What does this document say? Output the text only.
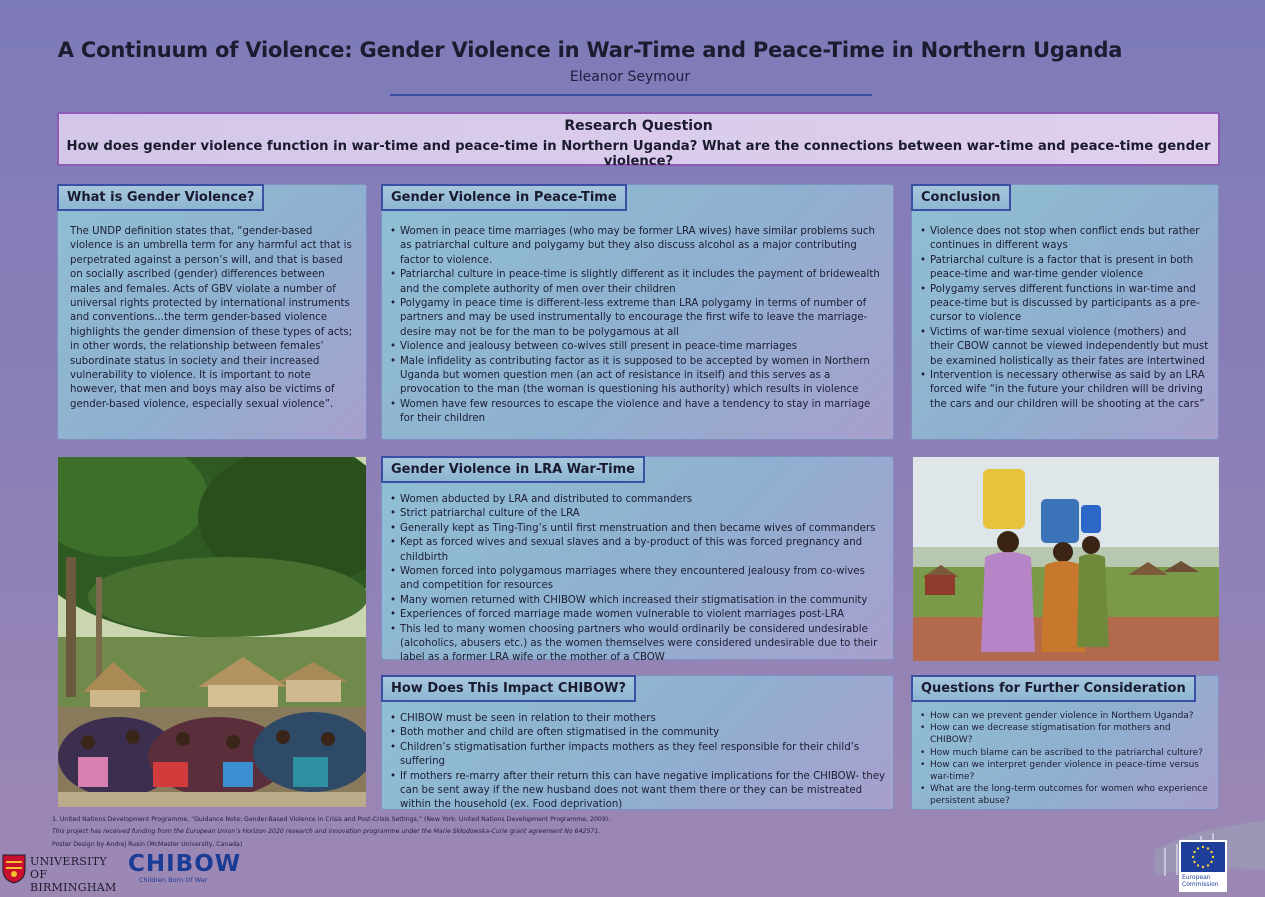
A Continuum of Violence: Gender Violence in War-Time and Peace-Time in Northern Uganda
Eleanor Seymour
Research Question
How does gender violence function in war-time and peace-time in Northern Uganda? What are the connections between war-time and peace-time gender violence?
What is Gender Violence?
The UNDP definition states that, “gender-based violence is an umbrella term for any harmful act that is perpetrated against a person’s will, and that is based on socially ascribed (gender) differences between males and females. Acts of GBV violate a number of universal rights protected by international instruments and conventions...the term gender-based violence highlights the gender dimension of these types of acts; in other words, the relationship between females’ subordinate status in society and their increased vulnerability to violence. It is important to note however, that men and boys may also be victims of gender-based violence, especially sexual violence”.
Gender Violence in Peace-Time
• Women in peace time marriages (who may be former LRA wives) have similar problems such as patriarchal culture and polygamy but they also discuss alcohol as a major contributing factor to violence.
• Patriarchal culture in peace-time is slightly different as it includes the payment of bridewealth and the complete authority of men over their children
• Polygamy in peace time is different-less extreme than LRA polygamy in terms of number of partners and may be used instrumentally to encourage the first wife to leave the marriage-desire may not be for the man to be polygamous at all
• Violence and jealousy between co-wives still present in peace-time marriages
• Male infidelity as contributing factor as it is supposed to be accepted by women in Northern Uganda but women question men (an act of resistance in itself) and this serves as a provocation to the man (the woman is questioning his authority) which results in violence
• Women have few resources to escape the violence and have a tendency to stay in marriage for their children
Conclusion
• Violence does not stop when conflict ends but rather continues in different ways
• Patriarchal culture is a factor that is present in both peace-time and war-time gender violence
• Polygamy serves different functions in war-time and peace-time but is discussed by participants as a pre-cursor to violence
• Victims of war-time sexual violence (mothers) and their CBOW cannot be viewed independently but must be examined holistically as their fates are intertwined
• Intervention is necessary otherwise as said by an LRA forced wife “in the future your children will be driving the cars and our children will be shooting at the cars”
Gender Violence in LRA War-Time
• Women abducted by LRA and distributed to commanders
• Strict patriarchal culture of the LRA
• Generally kept as Ting-Ting’s until first menstruation and then became wives of commanders
• Kept as forced wives and sexual slaves and a by-product of this was forced pregnancy and childbirth
• Women forced into polygamous marriages where they encountered jealousy from co-wives and competition for resources
• Many women returned with CHIBOW which increased their stigmatisation in the community
• Experiences of forced marriage made women vulnerable to violent marriages post-LRA
• This led to many women choosing partners who would ordinarily be considered undesirable (alcoholics, abusers etc.) as the women themselves were considered undesirable due to their label as a former LRA wife or the mother of a CBOW
How Does This Impact CHIBOW?
• CHIBOW must be seen in relation to their mothers
• Both mother and child are often stigmatised in the community
• Children’s stigmatisation further impacts mothers as they feel responsible for their child’s suffering
• If mothers re-marry after their return this can have negative implications for the CHIBOW- they can be sent away if the new husband does not want them there or they can be mistreated within the household (ex. Food deprivation)
Questions for Further Consideration
• How can we prevent gender violence in Northern Uganda?
• How can we decrease stigmatisation for mothers and CHIBOW?
• How much blame can be ascribed to the patriarchal culture?
• How can we interpret gender violence in peace-time versus war-time?
• What are the long-term outcomes for women who experience persistent abuse?
1. United Nations Development Programme, “Guidance Note: Gender-Based Violence in Crisis and Post-Crisis Settings,” (New York: United Nations Development Programme, 2009).
This project has received funding from the European Union’s Horizon 2020 research and innovation programme under the Marie Skłodowska-Curie grant agreement No 642571.
Poster Design by Andrej Rusin (McMaster University, Canada)
UNIVERSITY OF
BIRMINGHAM
CHIBOW
Children Born Of War	European
Commission
